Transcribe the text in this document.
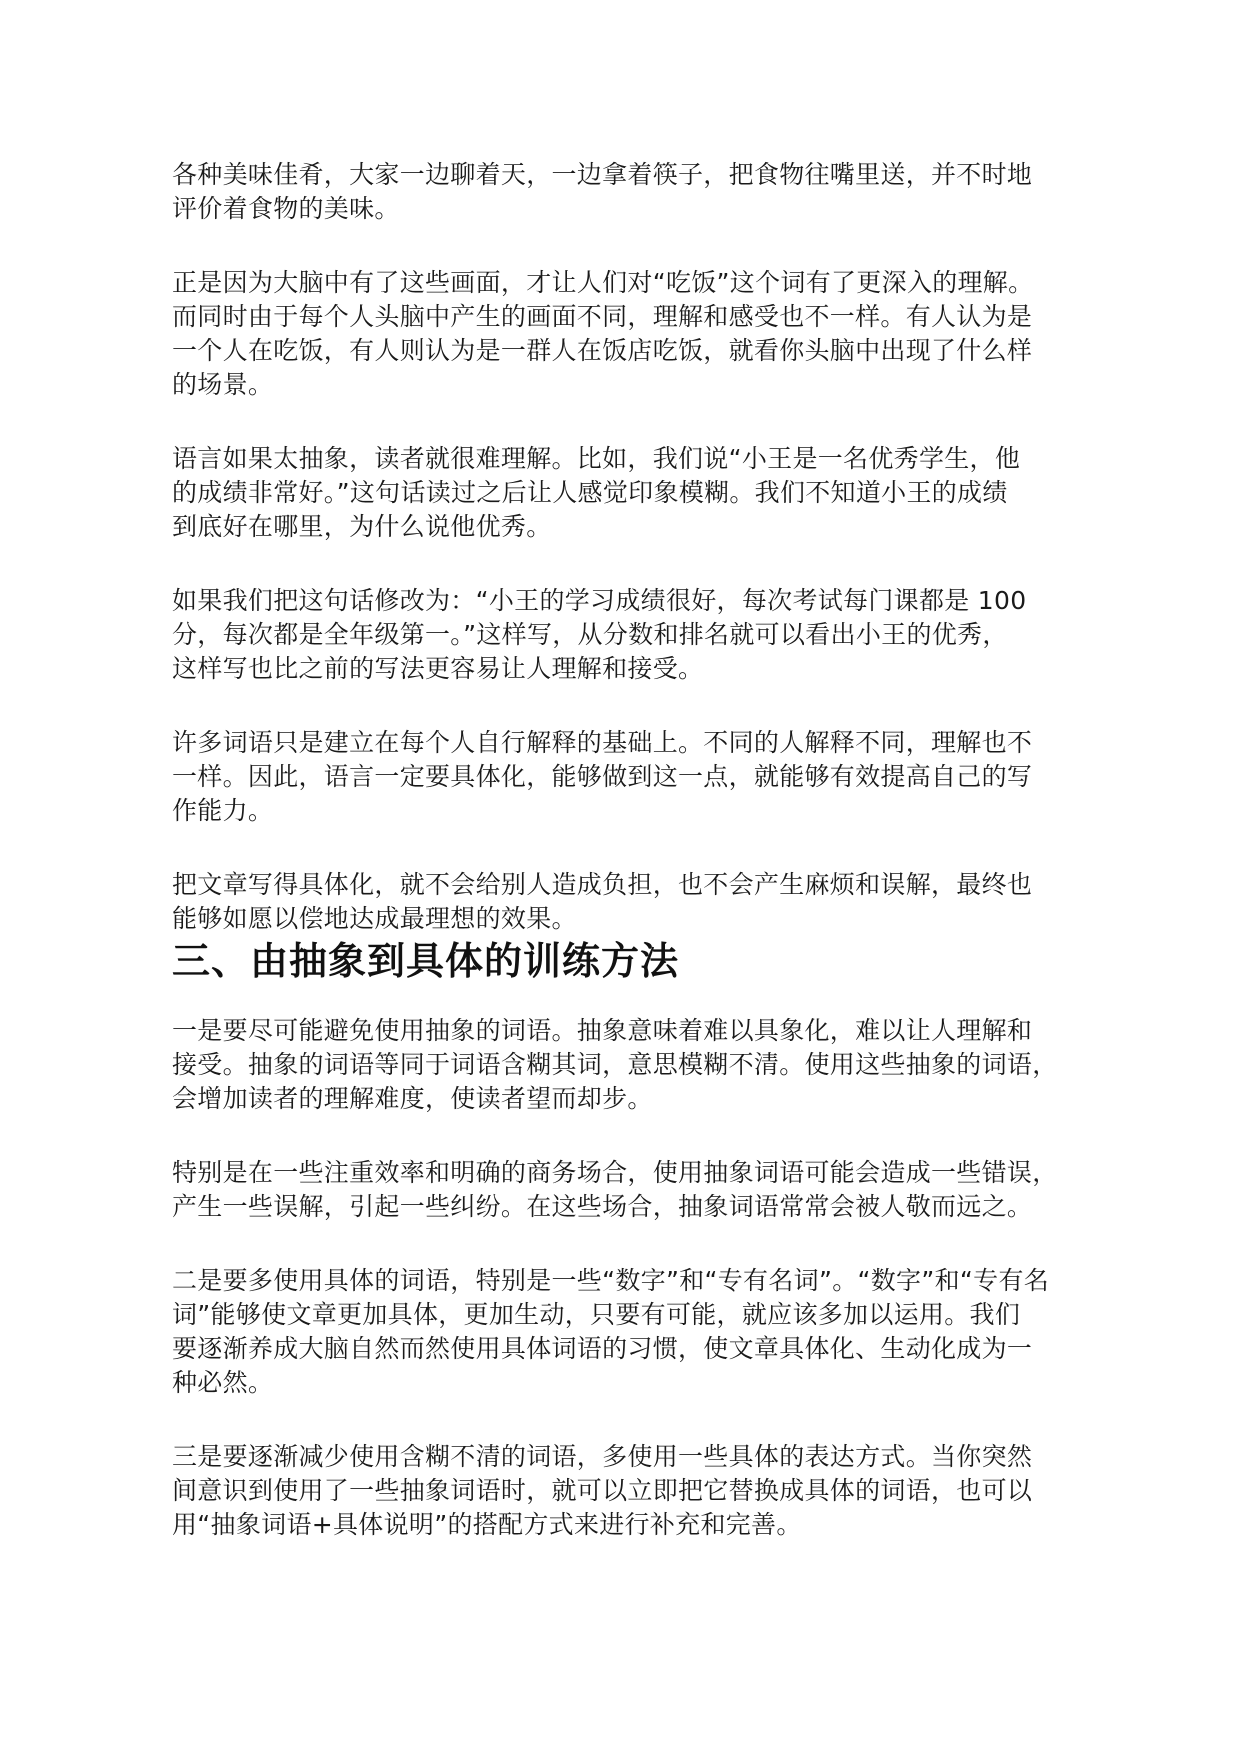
各种美味佳肴，大家一边聊着天，一边拿着筷子，把食物往嘴里送，并不时地
评价着食物的美味。

正是因为大脑中有了这些画面，才让人们对“吃饭”这个词有了更深入的理解。
而同时由于每个人头脑中产生的画面不同，理解和感受也不一样。有人认为是
一个人在吃饭，有人则认为是一群人在饭店吃饭，就看你头脑中出现了什么样
的场景。

语言如果太抽象，读者就很难理解。比如，我们说“小王是一名优秀学生，他
的成绩非常好。”这句话读过之后让人感觉印象模糊。我们不知道小王的成绩
到底好在哪里，为什么说他优秀。

如果我们把这句话修改为：“小王的学习成绩很好，每次考试每门课都是 100
分，每次都是全年级第一。”这样写，从分数和排名就可以看出小王的优秀，
这样写也比之前的写法更容易让人理解和接受。

许多词语只是建立在每个人自行解释的基础上。不同的人解释不同，理解也不
一样。因此，语言一定要具体化，能够做到这一点，就能够有效提高自己的写
作能力。

把文章写得具体化，就不会给别人造成负担，也不会产生麻烦和误解，最终也
能够如愿以偿地达成最理想的效果。

三、由抽象到具体的训练方法

一是要尽可能避免使用抽象的词语。抽象意味着难以具象化，难以让人理解和
接受。抽象的词语等同于词语含糊其词，意思模糊不清。使用这些抽象的词语，
会增加读者的理解难度，使读者望而却步。

特别是在一些注重效率和明确的商务场合，使用抽象词语可能会造成一些错误，
产生一些误解，引起一些纠纷。在这些场合，抽象词语常常会被人敬而远之。

二是要多使用具体的词语，特别是一些“数字”和“专有名词”。“数字”和“专有名
词”能够使文章更加具体，更加生动，只要有可能，就应该多加以运用。我们
要逐渐养成大脑自然而然使用具体词语的习惯，使文章具体化、生动化成为一
种必然。

三是要逐渐减少使用含糊不清的词语，多使用一些具体的表达方式。当你突然
间意识到使用了一些抽象词语时，就可以立即把它替换成具体的词语，也可以
用“抽象词语+具体说明”的搭配方式来进行补充和完善。
